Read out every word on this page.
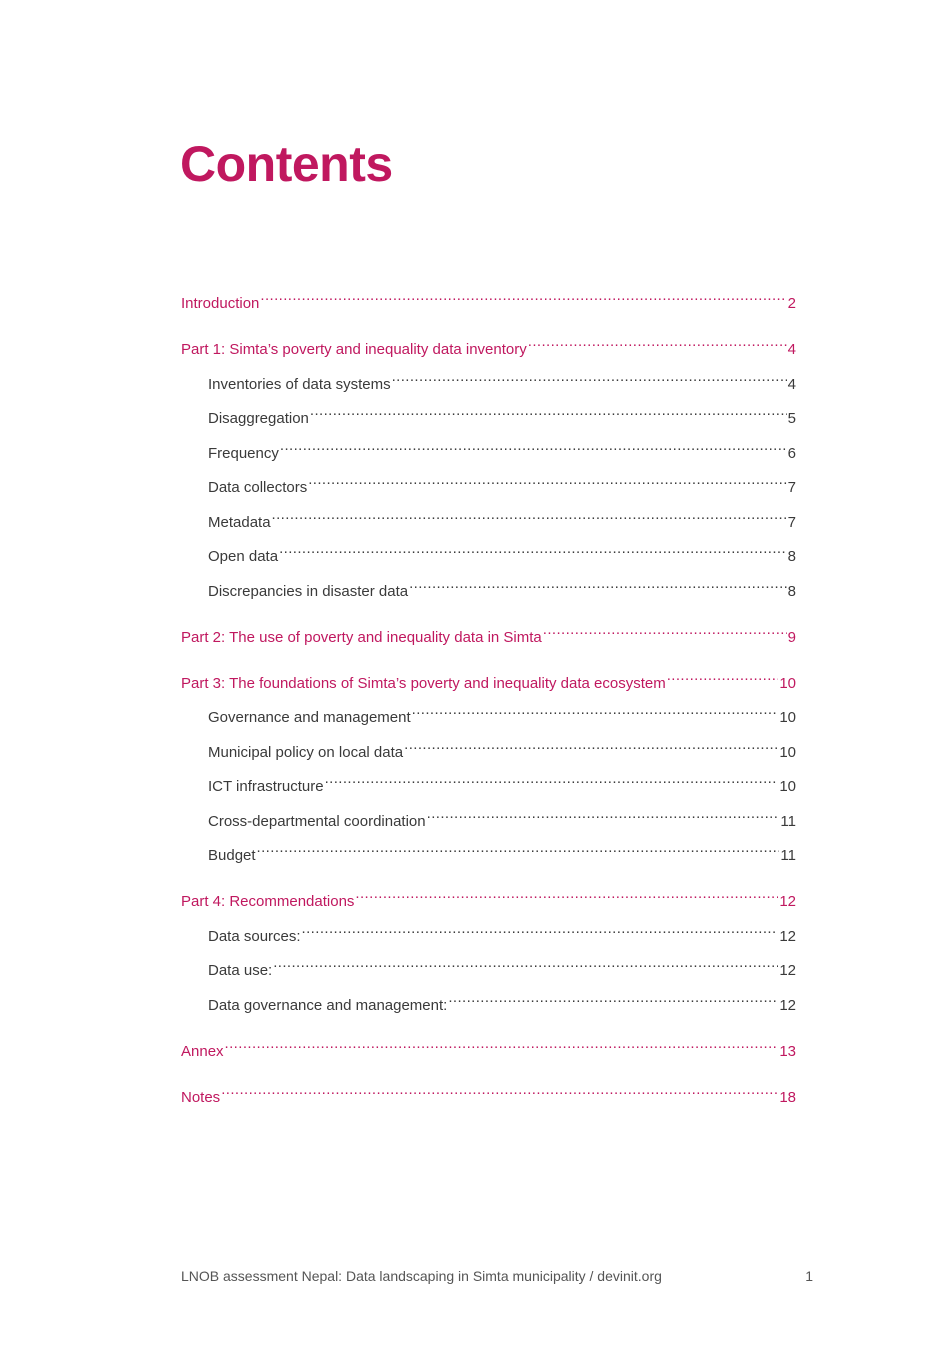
Contents
Introduction .....	2
Part 1: Simta’s poverty and inequality data inventory .....	4
Inventories of data systems .....	4
Disaggregation .....	5
Frequency .....	6
Data collectors .....	7
Metadata .....	7
Open data .....	8
Discrepancies in disaster data .....	8
Part 2: The use of poverty and inequality data in Simta .....	9
Part 3: The foundations of Simta’s poverty and inequality data ecosystem .....	10
Governance and management .....	10
Municipal policy on local data .....	10
ICT infrastructure .....	10
Cross-departmental coordination .....	11
Budget .....	11
Part 4: Recommendations .....	12
Data sources: .....	12
Data use: .....	12
Data governance and management: .....	12
Annex .....	13
Notes .....	18
LNOB assessment Nepal: Data landscaping in Simta municipality / devinit.org	1
